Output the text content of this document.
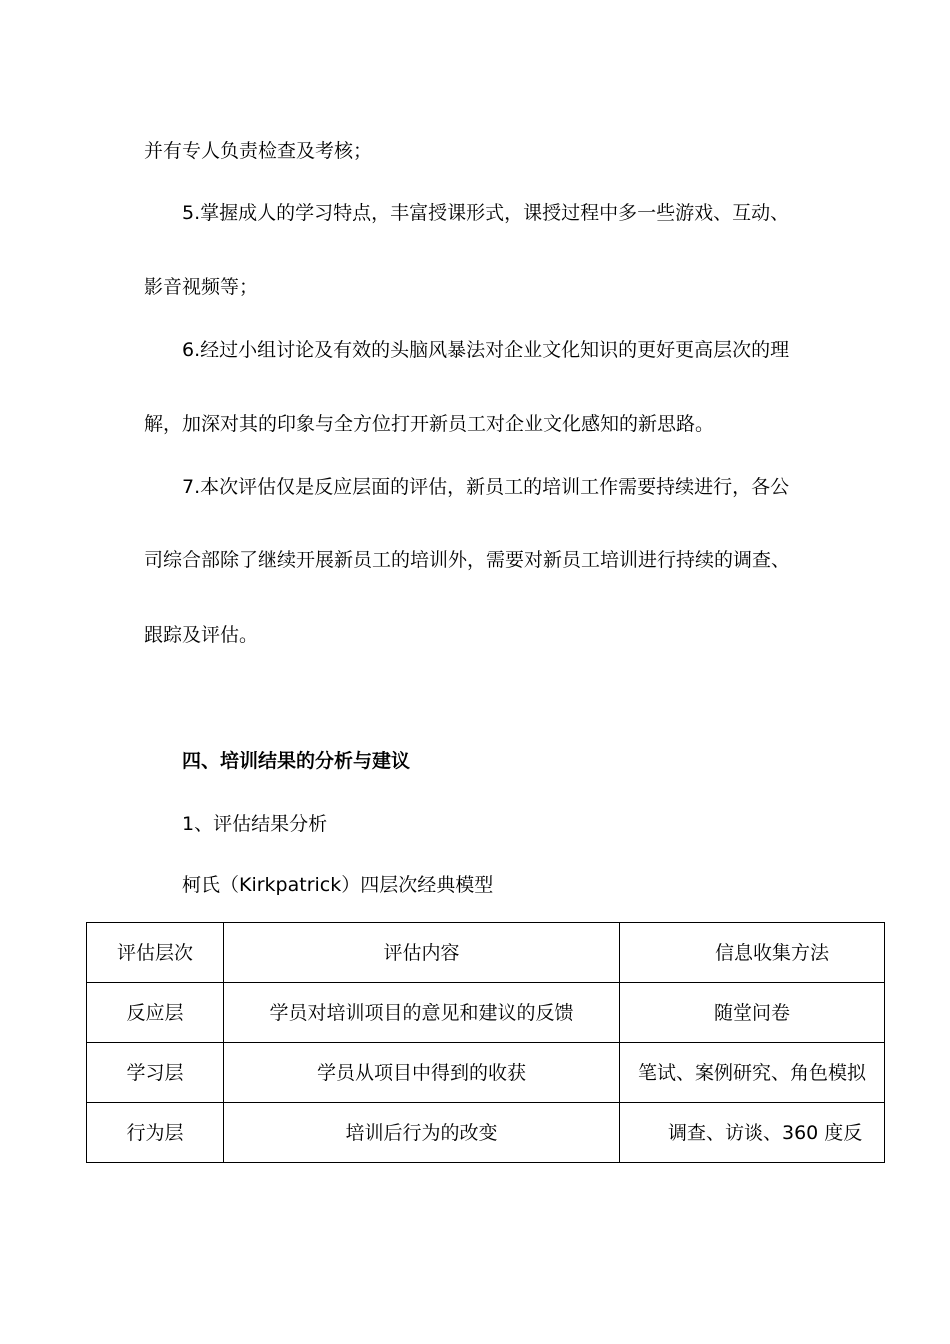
并有专人负责检查及考核；
5.掌握成人的学习特点，丰富授课形式，课授过程中多一些游戏、互动、
影音视频等；
6.经过小组讨论及有效的头脑风暴法对企业文化知识的更好更高层次的理
解，加深对其的印象与全方位打开新员工对企业文化感知的新思路。
7.本次评估仅是反应层面的评估，新员工的培训工作需要持续进行，各公
司综合部除了继续开展新员工的培训外，需要对新员工培训进行持续的调查、
跟踪及评估。
四、培训结果的分析与建议
1、评估结果分析
柯氏（Kirkpatrick）四层次经典模型
评估层次	评估内容	信息收集方法

反应层	学员对培训项目的意见和建议的反馈	随堂问卷

学习层	学员从项目中得到的收获	笔试、案例研究、角色模拟

行为层	培训后行为的改变	调查、访谈、360 度反
